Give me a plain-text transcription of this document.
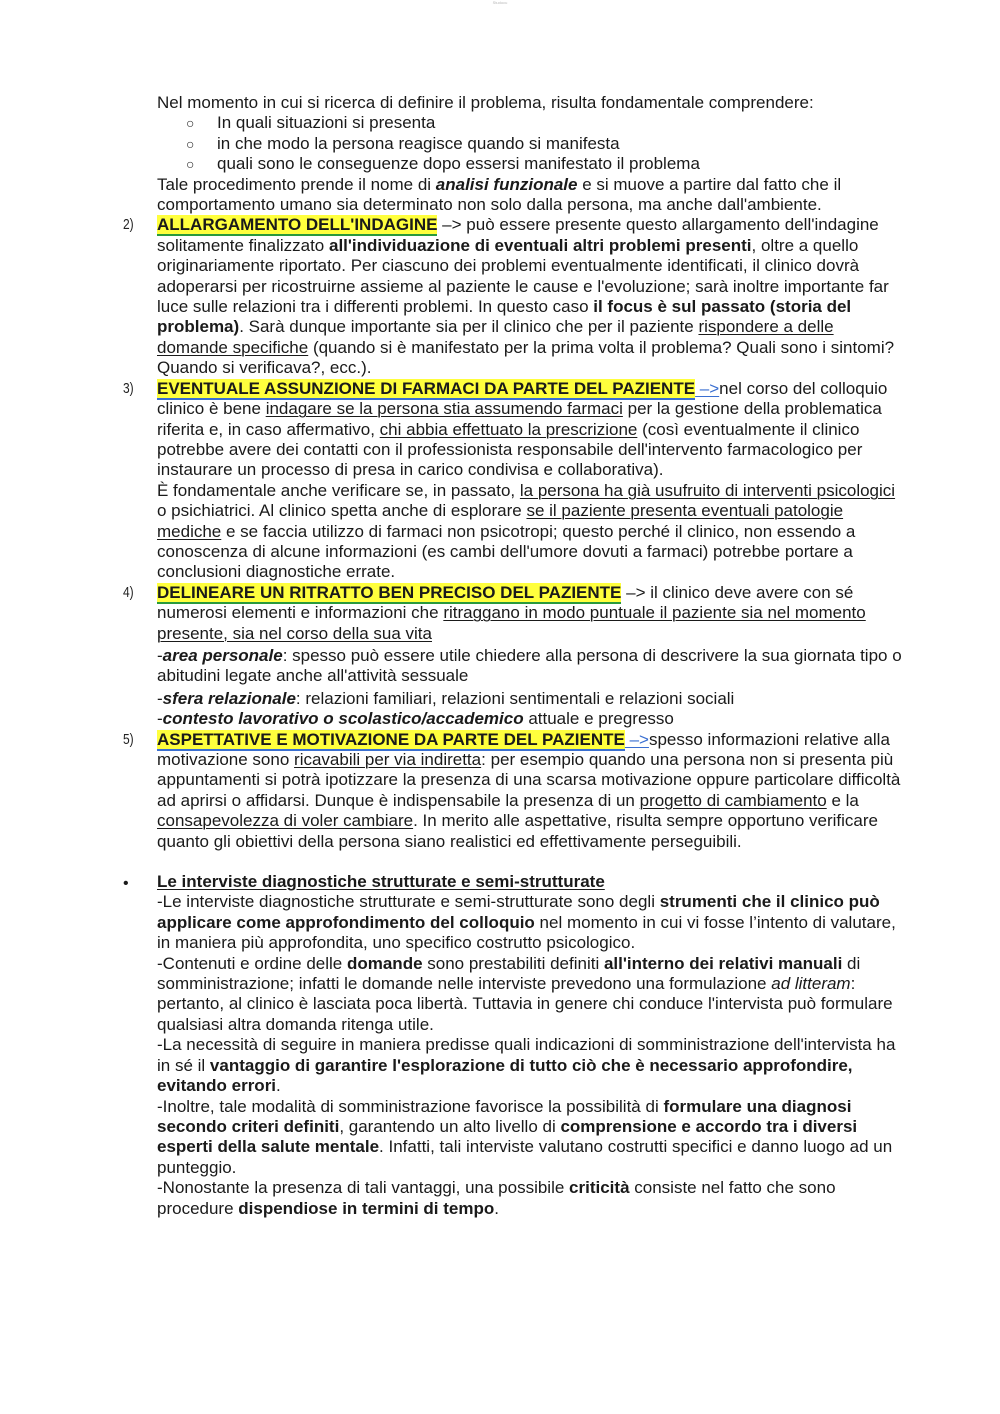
Studocu

Nel momento in cui si ricerca di definire il problema, risulta fondamentale comprendere:

○ In quali situazioni si presenta
○ in che modo la persona reagisce quando si manifesta
○ quali sono le conseguenze dopo essersi manifestato il problema

Tale procedimento prende il nome di analisi funzionale e si muove a partire dal fatto che il comportamento umano sia determinato non solo dalla persona, ma anche dall'ambiente.

2) ALLARGAMENTO DELL'INDAGINE –> può essere presente questo allargamento dell'indagine solitamente finalizzato all'individuazione di eventuali altri problemi presenti, oltre a quello originariamente riportato. Per ciascuno dei problemi eventualmente identificati, il clinico dovrà adoperarsi per ricostruirne assieme al paziente le cause e l'evoluzione; sarà inoltre importante far luce sulle relazioni tra i differenti problemi. In questo caso il focus è sul passato (storia del problema). Sarà dunque importante sia per il clinico che per il paziente rispondere a delle domande specifiche (quando si è manifestato per la prima volta il problema? Quali sono i sintomi? Quando si verificava?, ecc.).

3) EVENTUALE ASSUNZIONE DI FARMACI DA PARTE DEL PAZIENTE –>nel corso del colloquio clinico è bene indagare se la persona stia assumendo farmaci per la gestione della problematica riferita e, in caso affermativo, chi abbia effettuato la prescrizione (così eventualmente il clinico potrebbe avere dei contatti con il professionista responsabile dell'intervento farmacologico per instaurare un processo di presa in carico condivisa e collaborativa).

È fondamentale anche verificare se, in passato, la persona ha già usufruito di interventi psicologici o psichiatrici. Al clinico spetta anche di esplorare se il paziente presenta eventuali patologie mediche e se faccia utilizzo di farmaci non psicotropi; questo perché il clinico, non essendo a conoscenza di alcune informazioni (es cambi dell'umore dovuti a farmaci) potrebbe portare a conclusioni diagnostiche errate.

4) DELINEARE UN RITRATTO BEN PRECISO DEL PAZIENTE –> il clinico deve avere con sé numerosi elementi e informazioni che ritraggano in modo puntuale il paziente sia nel momento presente, sia nel corso della sua vita

-area personale: spesso può essere utile chiedere alla persona di descrivere la sua giornata tipo o abitudini legate anche all'attività sessuale

-sfera relazionale: relazioni familiari, relazioni sentimentali e relazioni sociali

-contesto lavorativo o scolastico/accademico attuale e pregresso

5) ASPETTATIVE E MOTIVAZIONE DA PARTE DEL PAZIENTE –>spesso informazioni relative alla motivazione sono ricavabili per via indiretta: per esempio quando una persona non si presenta più appuntamenti si potrà ipotizzare la presenza di una scarsa motivazione oppure particolare difficoltà ad aprirsi o affidarsi. Dunque è indispensabile la presenza di un progetto di cambiamento e la consapevolezza di voler cambiare. In merito alle aspettative, risulta sempre opportuno verificare quanto gli obiettivi della persona siano realistici ed effettivamente perseguibili.

• Le interviste diagnostiche strutturate e semi-strutturate

-Le interviste diagnostiche strutturate e semi-strutturate sono degli strumenti che il clinico può applicare come approfondimento del colloquio nel momento in cui vi fosse l’intento di valutare, in maniera più approfondita, uno specifico costrutto psicologico.

-Contenuti e ordine delle domande sono prestabiliti definiti all'interno dei relativi manuali di somministrazione; infatti le domande nelle interviste prevedono una formulazione ad litteram: pertanto, al clinico è lasciata poca libertà. Tuttavia in genere chi conduce l'intervista può formulare qualsiasi altra domanda ritenga utile.

-La necessità di seguire in maniera predisse quali indicazioni di somministrazione dell'intervista ha in sé il vantaggio di garantire l'esplorazione di tutto ciò che è necessario approfondire, evitando errori.

-Inoltre, tale modalità di somministrazione favorisce la possibilità di formulare una diagnosi secondo criteri definiti, garantendo un alto livello di comprensione e accordo tra i diversi esperti della salute mentale. Infatti, tali interviste valutano costrutti specifici e danno luogo ad un punteggio.

-Nonostante la presenza di tali vantaggi, una possibile criticità consiste nel fatto che sono procedure dispendiose in termini di tempo.
